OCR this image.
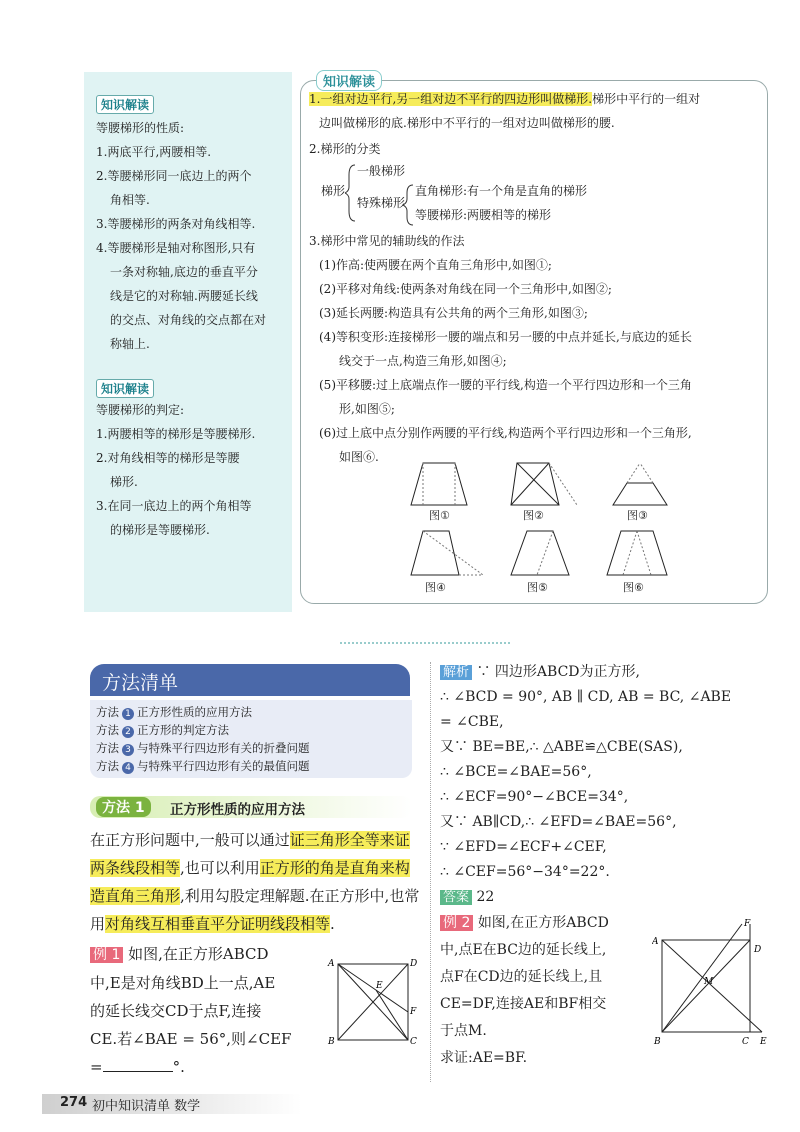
知识解读

等腰梯形的性质:

1.两底平行,两腰相等.

2.等腰梯形同一底边上的两个

角相等.

3.等腰梯形的两条对角线相等.

4.等腰梯形是轴对称图形,只有

一条对称轴,底边的垂直平分

线是它的对称轴.两腰延长线

的交点、对角线的交点都在对

称轴上.

知识解读

等腰梯形的判定:

1.两腰相等的梯形是等腰梯形.

2.对角线相等的梯形是等腰

梯形.

3.在同一底边上的两个角相等

的梯形是等腰梯形.

1.一组对边平行,另一组对边不平行的四边形叫做梯形.梯形中平行的一组对
边叫做梯形的底.梯形中不平行的一组对边叫做梯形的腰.
2.梯形的分类
梯形
一般梯形
特殊梯形
直角梯形:有一个角是直角的梯形
等腰梯形:两腰相等的梯形
3.梯形中常见的辅助线的作法
(1)作高:使两腰在两个直角三角形中,如图①;
(2)平移对角线:使两条对角线在同一个三角形中,如图②;
(3)延长两腰:构造具有公共角的两个三角形,如图③;
(4)等积变形:连接梯形一腰的端点和另一腰的中点并延长,与底边的延长
线交于一点,构造三角形,如图④;
(5)平移腰:过上底端点作一腰的平行线,构造一个平行四边形和一个三角
形,如图⑤;
(6)过上底中点分别作两腰的平行线,构造两个平行四边形和一个三角形,
如图⑥.
图①	图②	图③
图④	图⑤	图⑥
知识解读
方法清单

方法 1 正方形性质的应用方法

方法 2 正方形的判定方法

方法 3 与特殊平行四边形有关的折叠问题

方法 4 与特殊平行四边形有关的最值问题

方法 1	正方形性质的应用方法

在正方形问题中,一般可以通过证三角形全等来证两条线段相等,也可以利用正方形的角是直角来构造直角三角形,利用勾股定理解题.在正方形中,也常用对角线互相垂直平分证明线段相等.

例 1 如图,在正方形ABCD

中,E是对角线BD上一点,AE

的延长线交CD于点F,连接

CE.若∠BAE = 56°,则∠CEF

=	°.

A	D
B	C
E
F

解析 ∵ 四边形ABCD为正方形,

∴ ∠BCD = 90°, AB ∥ CD, AB = BC, ∠ABE

= ∠CBE,

又∵ BE=BE,∴ △ABE≌△CBE(SAS),

∴ ∠BCE=∠BAE=56°,

∴ ∠ECF=90°−∠BCE=34°,

又∵ AB∥CD,∴ ∠EFD=∠BAE=56°,

∵ ∠EFD=∠ECF+∠CEF,

∴ ∠CEF=56°−34°=22°.

答案 22

例 2 如图,在正方形ABCD

中,点E在BC边的延长线上,

点F在CD边的延长线上,且

CE=DF,连接AE和BF相交

于点M.

求证:AE=BF.

A
D
B	C E
F
M
274 初中知识清单 数学
